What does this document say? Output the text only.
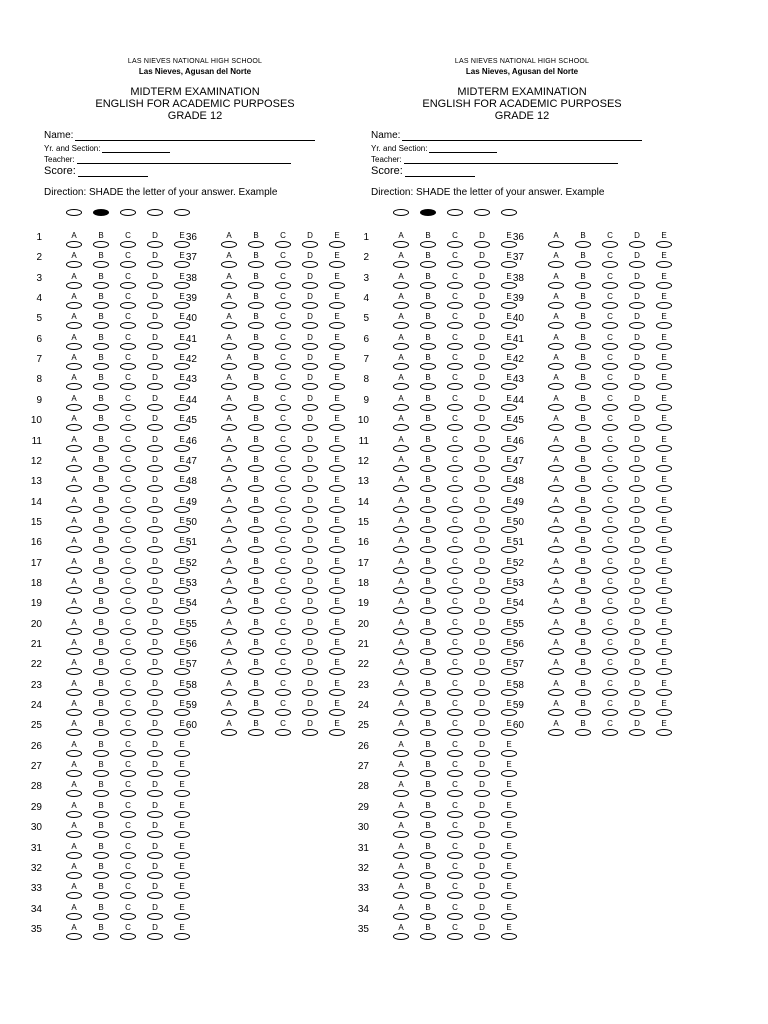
LAS NIEVES NATIONAL HIGH SCHOOL
Las Nieves, Agusan del Norte
MIDTERM EXAMINATION
ENGLISH FOR ACADEMIC PURPOSES
GRADE 12
Name:
Yr. and Section:
Teacher:
Score:
Direction: SHADE the letter of your answer. Example
1	A	B	C	D	E
2	A	B	C	D	E
3	A	B	C	D	E
4	A	B	C	D	E
5	A	B	C	D	E
6	A	B	C	D	E
7	A	B	C	D	E
8	A	B	C	D	E
9	A	B	C	D	E
10	A	B	C	D	E
11	A	B	C	D	E
12	A	B	C	D	E
13	A	B	C	D	E
14	A	B	C	D	E
15	A	B	C	D	E
16	A	B	C	D	E
17	A	B	C	D	E
18	A	B	C	D	E
19	A	B	C	D	E
20	A	B	C	D	E
21	A	B	C	D	E
22	A	B	C	D	E
23	A	B	C	D	E
24	A	B	C	D	E
25	A	B	C	D	E
26	A	B	C	D	E
27	A	B	C	D	E
28	A	B	C	D	E
29	A	B	C	D	E
30	A	B	C	D	E
31	A	B	C	D	E
32	A	B	C	D	E
33	A	B	C	D	E
34	A	B	C	D	E
35	A	B	C	D	E
36	A	B	C	D	E
37	A	B	C	D	E
38	A	B	C	D	E
39	A	B	C	D	E
40	A	B	C	D	E
41	A	B	C	D	E
42	A	B	C	D	E
43	A	B	C	D	E
44	A	B	C	D	E
45	A	B	C	D	E
46	A	B	C	D	E
47	A	B	C	D	E
48	A	B	C	D	E
49	A	B	C	D	E
50	A	B	C	D	E
51	A	B	C	D	E
52	A	B	C	D	E
53	A	B	C	D	E
54	A	B	C	D	E
55	A	B	C	D	E
56	A	B	C	D	E
57	A	B	C	D	E
58	A	B	C	D	E
59	A	B	C	D	E
60	A	B	C	D	E
LAS NIEVES NATIONAL HIGH SCHOOL
Las Nieves, Agusan del Norte
MIDTERM EXAMINATION
ENGLISH FOR ACADEMIC PURPOSES
GRADE 12
Name:
Yr. and Section:
Teacher:
Score:
Direction: SHADE the letter of your answer. Example
1	A	B	C	D	E
2	A	B	C	D	E
3	A	B	C	D	E
4	A	B	C	D	E
5	A	B	C	D	E
6	A	B	C	D	E
7	A	B	C	D	E
8	A	B	C	D	E
9	A	B	C	D	E
10	A	B	C	D	E
11	A	B	C	D	E
12	A	B	C	D	E
13	A	B	C	D	E
14	A	B	C	D	E
15	A	B	C	D	E
16	A	B	C	D	E
17	A	B	C	D	E
18	A	B	C	D	E
19	A	B	C	D	E
20	A	B	C	D	E
21	A	B	C	D	E
22	A	B	C	D	E
23	A	B	C	D	E
24	A	B	C	D	E
25	A	B	C	D	E
26	A	B	C	D	E
27	A	B	C	D	E
28	A	B	C	D	E
29	A	B	C	D	E
30	A	B	C	D	E
31	A	B	C	D	E
32	A	B	C	D	E
33	A	B	C	D	E
34	A	B	C	D	E
35	A	B	C	D	E
36	A	B	C	D	E
37	A	B	C	D	E
38	A	B	C	D	E
39	A	B	C	D	E
40	A	B	C	D	E
41	A	B	C	D	E
42	A	B	C	D	E
43	A	B	C	D	E
44	A	B	C	D	E
45	A	B	C	D	E
46	A	B	C	D	E
47	A	B	C	D	E
48	A	B	C	D	E
49	A	B	C	D	E
50	A	B	C	D	E
51	A	B	C	D	E
52	A	B	C	D	E
53	A	B	C	D	E
54	A	B	C	D	E
55	A	B	C	D	E
56	A	B	C	D	E
57	A	B	C	D	E
58	A	B	C	D	E
59	A	B	C	D	E
60	A	B	C	D	E
